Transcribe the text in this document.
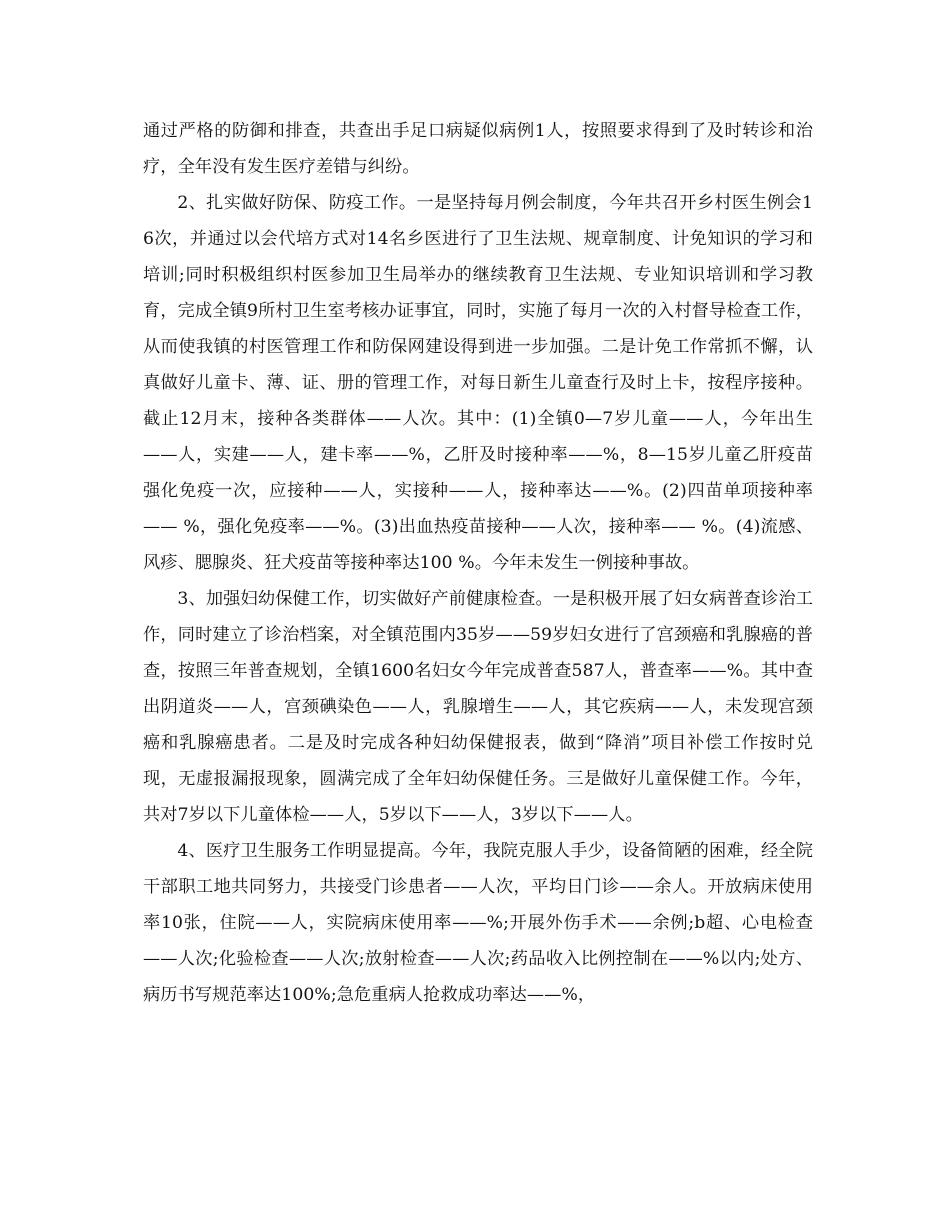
通过严格的防御和排查，共查出手足口病疑似病例1人，按照要求得到了及时转诊和治疗，全年没有发生医疗差错与纠纷。

2、扎实做好防保、防疫工作。一是坚持每月例会制度，今年共召开乡村医生例会16次，并通过以会代培方式对14名乡医进行了卫生法规、规章制度、计免知识的学习和培训;同时积极组织村医参加卫生局举办的继续教育卫生法规、专业知识培训和学习教育，完成全镇9所村卫生室考核办证事宜，同时，实施了每月一次的入村督导检查工作，从而使我镇的村医管理工作和防保网建设得到进一步加强。二是计免工作常抓不懈，认真做好儿童卡、薄、证、册的管理工作，对每日新生儿童查行及时上卡，按程序接种。截止12月末，接种各类群体——人次。其中：(1)全镇0—7岁儿童——人，今年出生——人，实建——人，建卡率——%，乙肝及时接种率——%，8—15岁儿童乙肝疫苗强化免疫一次，应接种——人，实接种——人，接种率达——%。(2)四苗单项接种率—— %，强化免疫率——%。(3)出血热疫苗接种——人次，接种率—— %。(4)流感、风疹、腮腺炎、狂犬疫苗等接种率达100 %。今年未发生一例接种事故。

3、加强妇幼保健工作，切实做好产前健康检查。一是积极开展了妇女病普查诊治工作，同时建立了诊治档案，对全镇范围内35岁——59岁妇女进行了宫颈癌和乳腺癌的普查，按照三年普查规划，全镇1600名妇女今年完成普查587人，普查率——%。其中查出阴道炎——人，宫颈碘染色——人，乳腺增生——人，其它疾病——人，未发现宫颈癌和乳腺癌患者。二是及时完成各种妇幼保健报表，做到“降消”项目补偿工作按时兑现，无虚报漏报现象，圆满完成了全年妇幼保健任务。三是做好儿童保健工作。今年，共对7岁以下儿童体检——人，5岁以下——人，3岁以下——人。

4、医疗卫生服务工作明显提高。今年，我院克服人手少，设备简陋的困难，经全院干部职工地共同努力，共接受门诊患者——人次，平均日门诊——余人。开放病床使用率10张，住院——人，实院病床使用率——%;开展外伤手术——余例;b超、心电检查——人次;化验检查——人次;放射检查——人次;药品收入比例控制在——%以内;处方、病历书写规范率达100%;急危重病人抢救成功率达——%，
